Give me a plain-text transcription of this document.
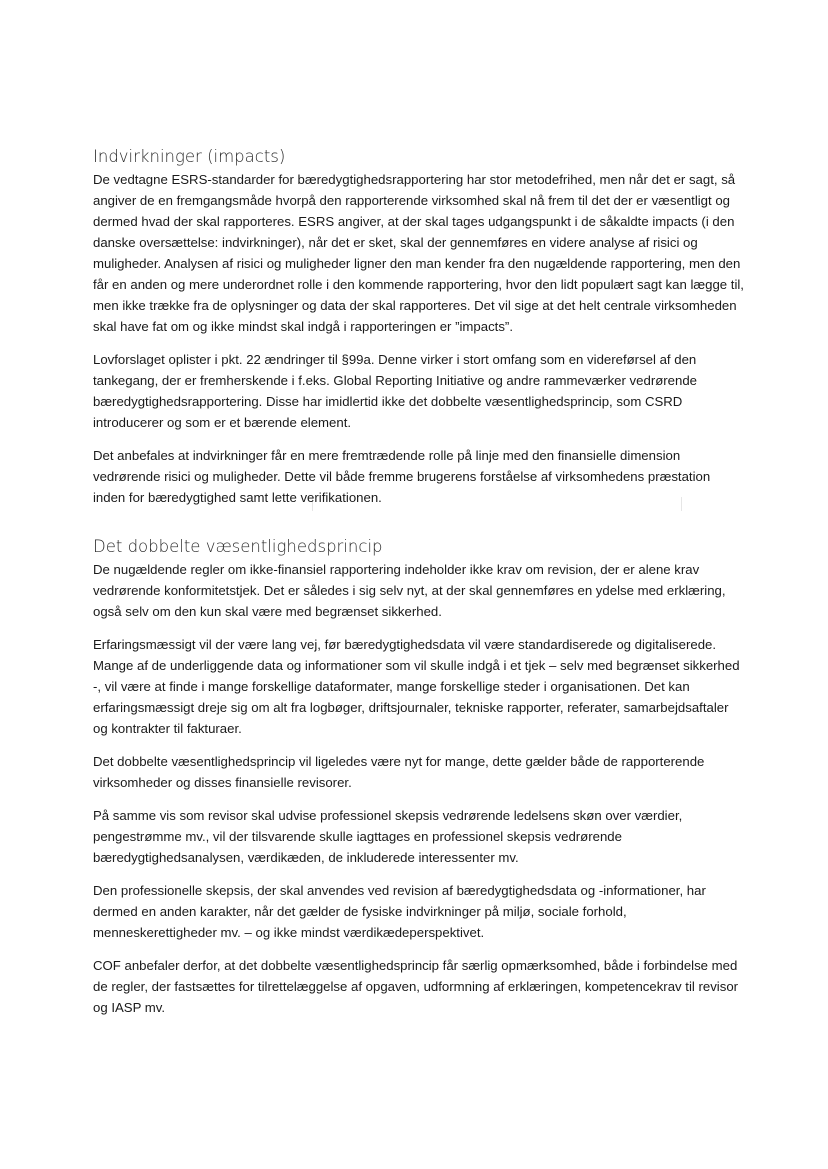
Indvirkninger (impacts)

De vedtagne ESRS-standarder for bæredygtighedsrapportering har stor metodefrihed, men når det er sagt, så angiver de en fremgangsmåde hvorpå den rapporterende virksomhed skal nå frem til det der er væsentligt og dermed hvad der skal rapporteres. ESRS angiver, at der skal tages udgangspunkt i de såkaldte impacts (i den danske oversættelse: indvirkninger), når det er sket, skal der gennemføres en videre analyse af risici og muligheder. Analysen af risici og muligheder ligner den man kender fra den nugældende rapportering, men den får en anden og mere underordnet rolle i den kommende rapportering, hvor den lidt populært sagt kan lægge til, men ikke trække fra de oplysninger og data der skal rapporteres. Det vil sige at det helt centrale virksomheden skal have fat om og ikke mindst skal indgå i rapporteringen er ”impacts”.

Lovforslaget oplister i pkt. 22 ændringer til §99a. Denne virker i stort omfang som en videreførsel af den tankegang, der er fremherskende i f.eks. Global Reporting Initiative og andre rammeværker vedrørende bæredygtighedsrapportering. Disse har imidlertid ikke det dobbelte væsentlighedsprincip, som CSRD introducerer og som er et bærende element.

Det anbefales at indvirkninger får en mere fremtrædende rolle på linje med den finansielle dimension vedrørende risici og muligheder. Dette vil både fremme brugerens forståelse af virksomhedens præstation inden for bæredygtighed samt lette verifikationen.

Det dobbelte væsentlighedsprincip

De nugældende regler om ikke-finansiel rapportering indeholder ikke krav om revision, der er alene krav vedrørende konformitetstjek. Det er således i sig selv nyt, at der skal gennemføres en ydelse med erklæring, også selv om den kun skal være med begrænset sikkerhed.

Erfaringsmæssigt vil der være lang vej, før bæredygtighedsdata vil være standardiserede og digitaliserede. Mange af de underliggende data og informationer som vil skulle indgå i et tjek – selv med begrænset sikkerhed -, vil være at finde i mange forskellige dataformater, mange forskellige steder i organisationen. Det kan erfaringsmæssigt dreje sig om alt fra logbøger, driftsjournaler, tekniske rapporter, referater, samarbejdsaftaler og kontrakter til fakturaer.

Det dobbelte væsentlighedsprincip vil ligeledes være nyt for mange, dette gælder både de rapporterende virksomheder og disses finansielle revisorer.

På samme vis som revisor skal udvise professionel skepsis vedrørende ledelsens skøn over værdier, pengestrømme mv., vil der tilsvarende skulle iagttages en professionel skepsis vedrørende bæredygtighedsanalysen, værdikæden, de inkluderede interessenter mv.

Den professionelle skepsis, der skal anvendes ved revision af bæredygtighedsdata og -informationer, har dermed en anden karakter, når det gælder de fysiske indvirkninger på miljø, sociale forhold, menneskerettigheder mv. – og ikke mindst værdikædeperspektivet.

COF anbefaler derfor, at det dobbelte væsentlighedsprincip får særlig opmærksomhed, både i forbindelse med de regler, der fastsættes for tilrettelæggelse af opgaven, udformning af erklæringen, kompetencekrav til revisor og IASP mv.
